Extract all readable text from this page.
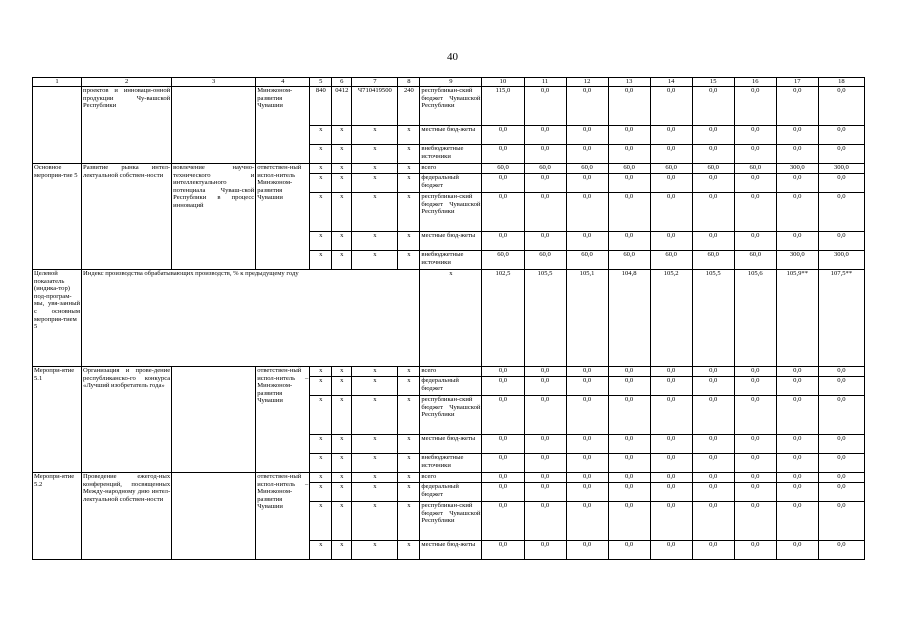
40
1	2	3	4	5	6	7	8	9	10	11	12	13	14	15	16	17	18
	проектов и инноваци-онной продукции Чу-вашской Республики		Минэконом-развития Чувашии	840	0412	Ч710419500	240	республикан-ский бюджет Чувашской Республики	115,0	0,0	0,0	0,0	0,0	0,0	0,0	0,0	0,0
				x	x	x	x	местные бюд-жеты	0,0	0,0	0,0	0,0	0,0	0,0	0,0	0,0	0,0
				x	x	x	x	внебюджетные источники	0,0	0,0	0,0	0,0	0,0	0,0	0,0	0,0	0,0
Основное мероприя-тие 5	Развитие рынка интел-лектуальной собствен-ности	вовлечение научно-технического и интеллектуального потенциала Чуваш-ской Республики в процесс инноваций	ответствен-ный испол-нитель Минэконом-развития Чувашии	x	x	x	x	всего	60,0	60,0	60,0	60,0	60,0	60,0	60,0	300,0	300,0
				x	x	x	x	федеральный бюджет	0,0	0,0	0,0	0,0	0,0	0,0	0,0	0,0	0,0
				x	x	x	x	республикан-ский бюджет Чувашской Республики	0,0	0,0	0,0	0,0	0,0	0,0	0,0	0,0	0,0
				x	x	x	x	местные бюд-жеты	0,0	0,0	0,0	0,0	0,0	0,0	0,0	0,0	0,0
				x	x	x	x	внебюджетные источники	60,0	60,0	60,0	60,0	60,0	60,0	60,0	300,0	300,0
Целевой показатель (индика-тор) под-програм-мы, увя-занный с основным мероприя-тием 5	Индекс производства обрабатывающих производств, % к предыдущему году							x	102,5	105,5	105,1	104,8	105,2	105,5	105,6	105,9**	107,5**
Меропри-ятие 5.1	Организация и прове-дение республиканско-го конкурса «Лучший изобретатель года»		ответствен-ный испол-нитель – Минэконом-развития Чувашии	x	x	x	x	всего	0,0	0,0	0,0	0,0	0,0	0,0	0,0	0,0	0,0
				x	x	x	x	федеральный бюджет	0,0	0,0	0,0	0,0	0,0	0,0	0,0	0,0	0,0
				x	x	x	x	республикан-ский бюджет Чувашской Республики	0,0	0,0	0,0	0,0	0,0	0,0	0,0	0,0	0,0
				x	x	x	x	местные бюд-жеты	0,0	0,0	0,0	0,0	0,0	0,0	0,0	0,0	0,0
				x	x	x	x	внебюджетные источники	0,0	0,0	0,0	0,0	0,0	0,0	0,0	0,0	0,0
Меропри-ятие 5.2	Проведение ежегод-ных конференций, посвященных Между-народному дню интел-лектуальной собствен-ности		ответствен-ный испол-нитель – Минэконом-развития Чувашии	x	x	x	x	всего	0,0	0,0	0,0	0,0	0,0	0,0	0,0	0,0	0,0
				x	x	x	x	федеральный бюджет	0,0	0,0	0,0	0,0	0,0	0,0	0,0	0,0	0,0
				x	x	x	x	республикан-ский бюджет Чувашской Республики	0,0	0,0	0,0	0,0	0,0	0,0	0,0	0,0	0,0
				x	x	x	x	местные бюд-жеты	0,0	0,0	0,0	0,0	0,0	0,0	0,0	0,0	0,0
